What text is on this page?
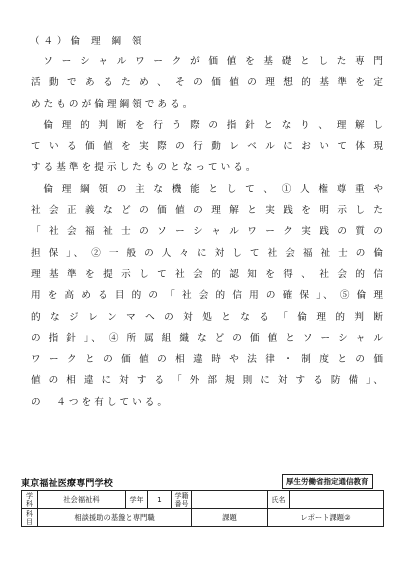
（４）倫 理 綱 領
　ソ ー シ ャ ル ワ ー ク が 価 値 を 基 礎 と し た 専 門
活 動 で あ る た め 、 そ の 価 値 の 理 想 的 基 準 を 定
め た も の が 倫 理 綱 領 で あ る 。
　倫 理 的 判 断 を 行 う 際 の 指 針 と な り 、 理 解 し
て い る 価 値 を 実 際 の 行 動 レ ベ ル に お い て 体 現
す る 基 準 を 提 示 し た も の と な っ て い る 。
　倫 理 綱 領 の 主 な 機 能 と し て 、 ① 人 権 尊 重 や
社 会 正 義 な ど の 価 値 の 理 解 と 実 践 を 明 示 し た
「 社 会 福 祉 士 の ソ ー シ ャ ル ワ ー ク 実 践 の 質 の
担 保 」、 ② 一 般 の 人 々 に 対 し て 社 会 福 祉 士 の 倫
理 基 準 を 提 示 し て 社 会 的 認 知 を 得 、 社 会 的 信
用 を 高 め る 目 的 の 「 社 会 的 信 用 の 確 保 」、 ⑤ 倫 理
的 な ジ レ ン マ へ の 対 処 と な る 「 倫 理 的 判 断
の 指 針 」、 ④ 所 属 組 織 な ど の 価 値 と ソ ー シ ャ ル
ワ ー ク と の 価 値 の 相 違 時 や 法 律 ・ 制 度 と の 価
値 の 相 違 に 対 す る 「 外 部 規 則 に 対 す る 防 備 」、
の 　 ４ つ を 有 し て い る 。
東京福祉医療専門学校	厚生労働省指定通信教育
学科	社会福祉科	学年	1	学籍番号		氏名	
科目	相談援助の基盤と専門職				課題	レポート課題②	
